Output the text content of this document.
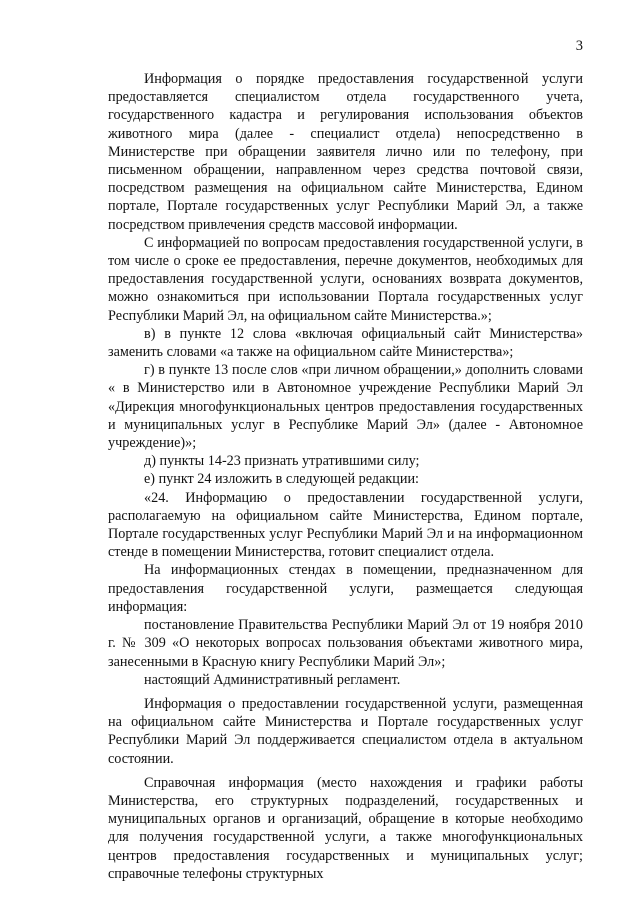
3

Информация о порядке предоставления государственной услуги предоставляется специалистом отдела государственного учета, государственного кадастра и регулирования использования объектов животного мира (далее - специалист отдела) непосредственно в Министерстве при обращении заявителя лично или по телефону, при письменном обращении, направленном через средства почтовой связи, посредством размещения на официальном сайте Министерства, Едином портале, Портале государственных услуг Республики Марий Эл, а также посредством привлечения средств массовой информации.

С информацией по вопросам предоставления государственной услуги, в том числе о сроке ее предоставления, перечне документов, необходимых для предоставления государственной услуги, основаниях возврата документов, можно ознакомиться при использовании Портала государственных услуг Республики Марий Эл, на официальном сайте Министерства.»;

в) в пункте 12 слова «включая официальный сайт Министерства» заменить словами «а также на официальном сайте Министерства»;

г) в пункте 13 после слов «при личном обращении,» дополнить словами « в Министерство или в Автономное учреждение Республики Марий Эл «Дирекция многофункциональных центров предоставления государственных и муниципальных услуг в Республике Марий Эл» (далее - Автономное учреждение)»;

д) пункты 14-23 признать утратившими силу;

е) пункт 24 изложить в следующей редакции:

«24. Информацию о предоставлении государственной услуги, располагаемую на официальном сайте Министерства, Едином портале, Портале государственных услуг Республики Марий Эл и на информационном стенде в помещении Министерства, готовит специалист отдела.

На информационных стендах в помещении, предназначенном для предоставления государственной услуги, размещается следующая информация:

постановление Правительства Республики Марий Эл от 19 ноября 2010 г. № 309 «О некоторых вопросах пользования объектами животного мира, занесенными в Красную книгу Республики Марий Эл»;

настоящий Административный регламент.

Информация о предоставлении государственной услуги, размещенная на официальном сайте Министерства и Портале государственных услуг Республики Марий Эл поддерживается специалистом отдела в актуальном состоянии.

Справочная информация (место нахождения и графики работы Министерства, его структурных подразделений, государственных и муниципальных органов и организаций, обращение в которые необходимо для получения государственной услуги, а также многофункциональных центров предоставления государственных и муниципальных услуг; справочные телефоны структурных
